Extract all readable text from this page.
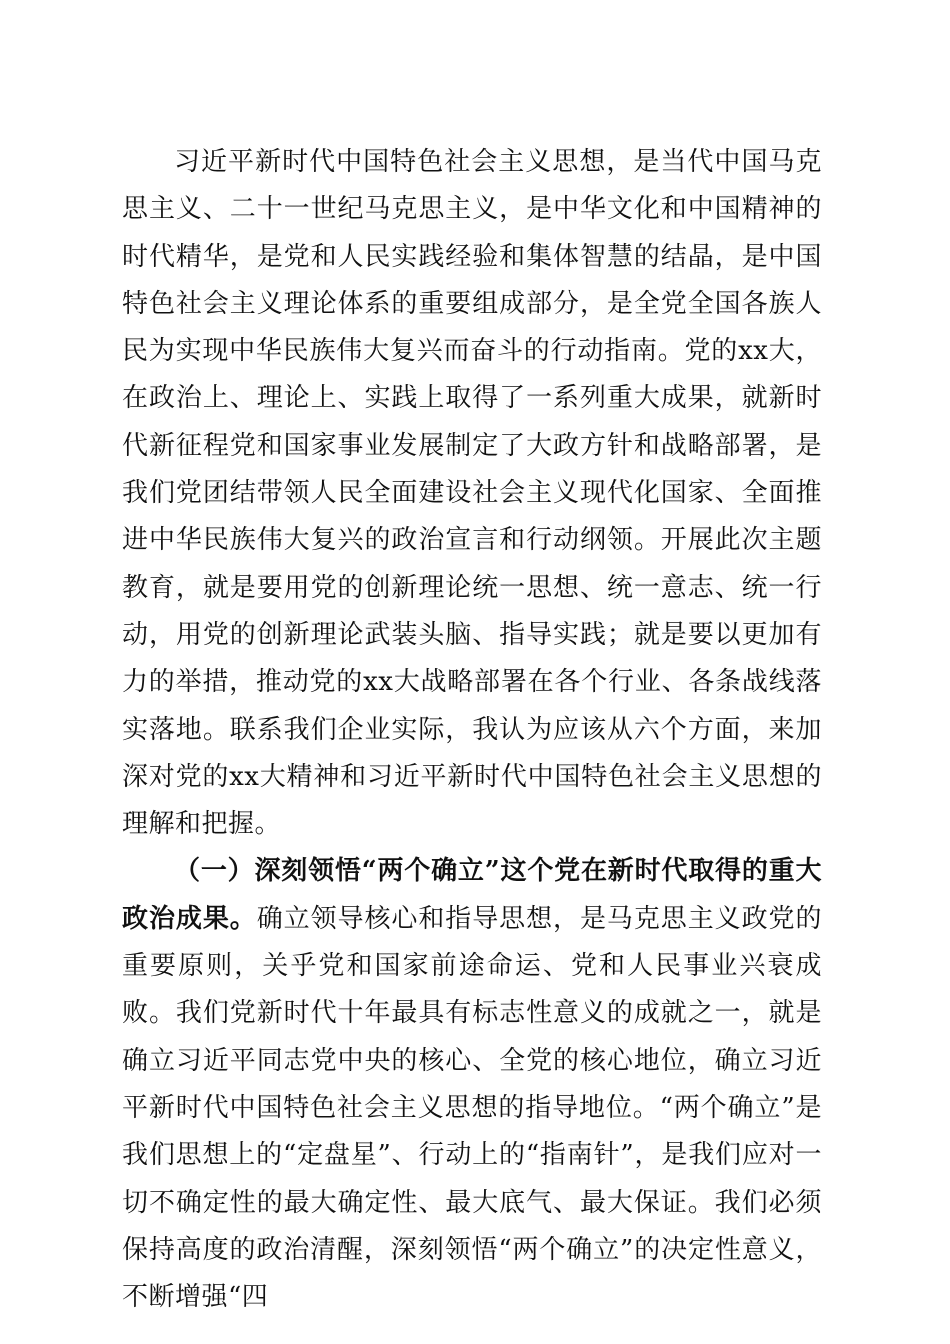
习近平新时代中国特色社会主义思想，是当代中国马克思主义、二十一世纪马克思主义，是中华文化和中国精神的时代精华，是党和人民实践经验和集体智慧的结晶，是中国特色社会主义理论体系的重要组成部分，是全党全国各族人民为实现中华民族伟大复兴而奋斗的行动指南。党的xx大，在政治上、理论上、实践上取得了一系列重大成果，就新时代新征程党和国家事业发展制定了大政方针和战略部署，是我们党团结带领人民全面建设社会主义现代化国家、全面推进中华民族伟大复兴的政治宣言和行动纲领。开展此次主题教育，就是要用党的创新理论统一思想、统一意志、统一行动，用党的创新理论武装头脑、指导实践；就是要以更加有力的举措，推动党的xx大战略部署在各个行业、各条战线落实落地。联系我们企业实际，我认为应该从六个方面，来加深对党的xx大精神和习近平新时代中国特色社会主义思想的理解和把握。

（一）深刻领悟“两个确立”这个党在新时代取得的重大政治成果。确立领导核心和指导思想，是马克思主义政党的重要原则，关乎党和国家前途命运、党和人民事业兴衰成败。我们党新时代十年最具有标志性意义的成就之一，就是确立习近平同志党中央的核心、全党的核心地位，确立习近平新时代中国特色社会主义思想的指导地位。“两个确立”是我们思想上的“定盘星”、行动上的“指南针”，是我们应对一切不确定性的最大确定性、最大底气、最大保证。我们必须保持高度的政治清醒，深刻领悟“两个确立”的决定性意义，不断增强“四
